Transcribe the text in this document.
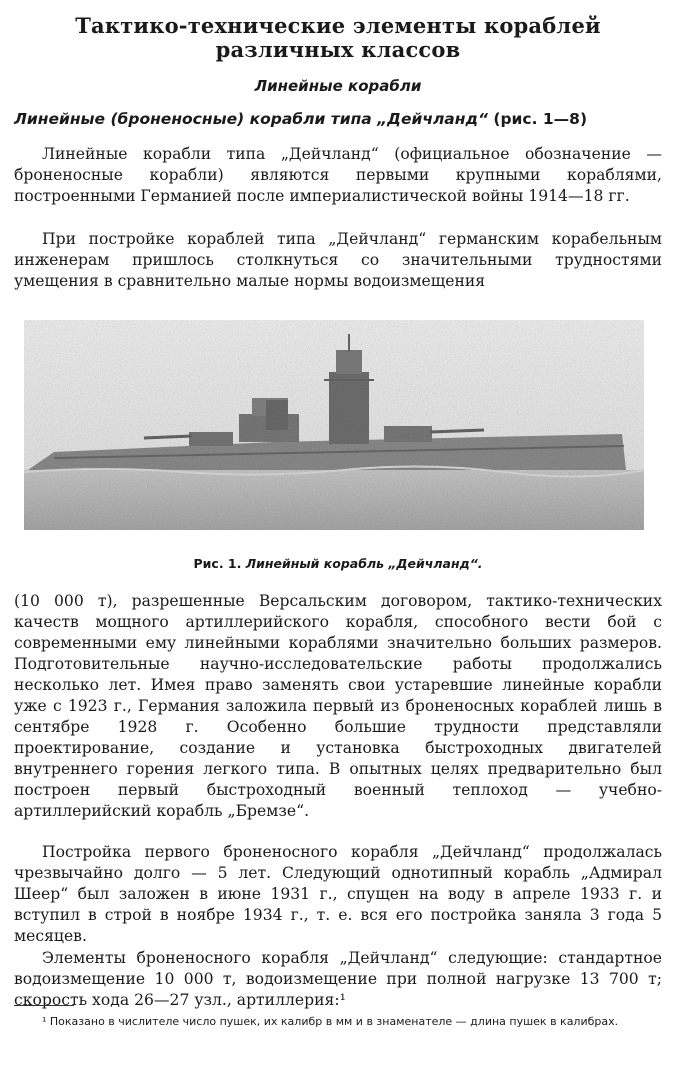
Тактико-технические элементы кораблей различных классов
Линейные корабли
Линейные (броненосные) корабли типа „Дейчланд“ (рис. 1—8)

Линейные корабли типа „Дейчланд“ (официальное обозначение — броненосные корабли) являются первыми крупными кораблями, построенными Германией после империалистической войны 1914—18 гг.

При постройке кораблей типа „Дейчланд“ германским корабельным инженерам пришлось столкнуться со значительными трудностями умещения в сравнительно малые нормы водоизмещения

Рис. 1. Линейный корабль „Дейчланд“.

(10 000 т), разрешенные Версальским договором, тактико-технических качеств мощного артиллерийского корабля, способного вести бой с современными ему линейными кораблями значительно больших размеров. Подготовительные научно-исследовательские работы продолжались несколько лет. Имея право заменять свои устаревшие линейные корабли уже с 1923 г., Германия заложила первый из броненосных кораблей лишь в сентябре 1928 г. Особенно большие трудности представляли проектирование, создание и установка быстроходных двигателей внутреннего горения легкого типа. В опытных целях предварительно был построен первый быстроходный военный теплоход — учебно-артиллерийский корабль „Бремзе“.

Постройка первого броненосного корабля „Дейчланд“ продолжалась чрезвычайно долго — 5 лет. Следующий однотипный корабль „Адмирал Шеер“ был заложен в июне 1931 г., спущен на воду в апреле 1933 г. и вступил в строй в ноябре 1934 г., т. е. вся его постройка заняла 3 года 5 месяцев.

Элементы броненосного корабля „Дейчланд“ следующие: стандартное водоизмещение 10 000 т, водоизмещение при полной нагрузке 13 700 т; скорость хода 26—27 узл., артиллерия:¹

¹ Показано в числителе число пушек, их калибр в мм и в знаменателе — длина пушек в калибрах.
